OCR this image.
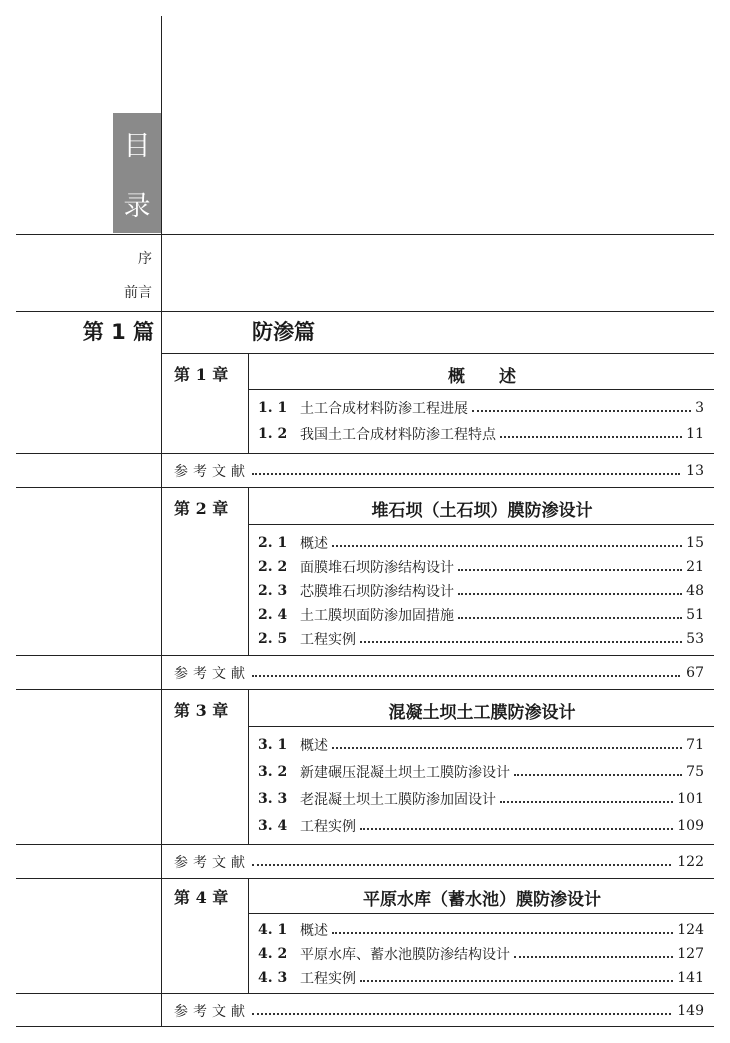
目
录
序
前言
第 1 篇	防渗篇
第 1 章	概　　述
1. 1 土工合成材料防渗工程进展	3
1. 2 我国土工合成材料防渗工程特点	11
参考文献	13
第 2 章	堆石坝（土石坝）膜防渗设计
2. 1 概述	15
2. 2 面膜堆石坝防渗结构设计	21
2. 3 芯膜堆石坝防渗结构设计	48
2. 4 土工膜坝面防渗加固措施	51
2. 5 工程实例	53
参考文献	67
第 3 章	混凝土坝土工膜防渗设计
3. 1 概述	71
3. 2 新建碾压混凝土坝土工膜防渗设计	75
3. 3 老混凝土坝土工膜防渗加固设计	101
3. 4 工程实例	109
参考文献	122
第 4 章	平原水库（蓄水池）膜防渗设计
4. 1 概述	124
4. 2 平原水库、蓄水池膜防渗结构设计	127
4. 3 工程实例	141
参考文献	149
